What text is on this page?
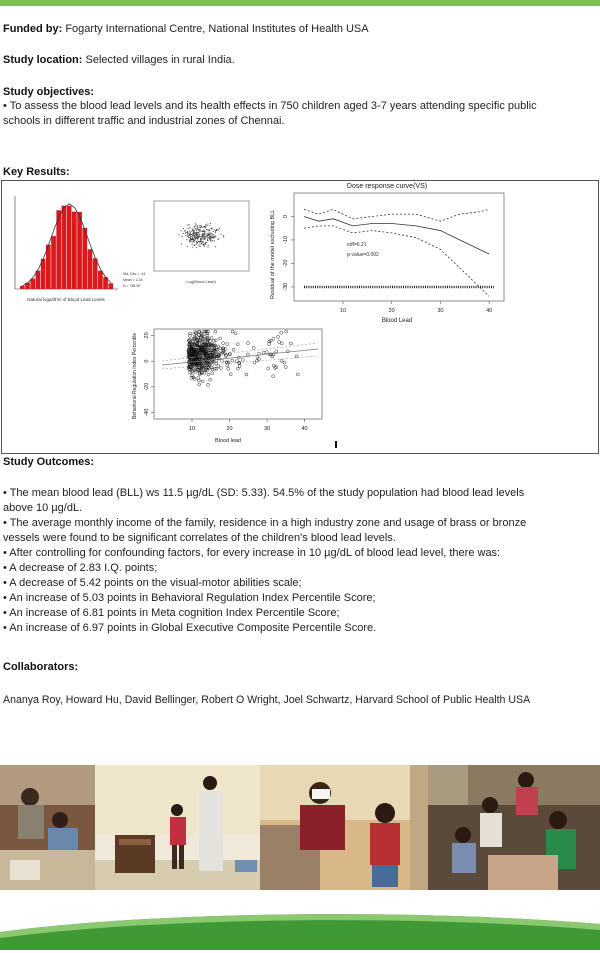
Funded by: Fogarty International Centre, National Institutes of Health USA

Study location: Selected villages in rural India.

Study objectives:

• To assess the blood lead levels and its health effects in 750 children aged 3-7 years attending specific public

schools in different traffic and industrial zones of Chennai.

Key Results:

Natural logarithm of Blood Lead Levels
Std. Dev = .44
Mean = 2.34
N = 756.00
Log(Blood Lead)
Dose response curve(VS)
Residual of the model excluding BLL
10	20	30	40
0
-10
-20
-30
edf=6.21
p-value=0.002
Blood Lead
Behavioral Regulation Index Percentile
10	20	30	40
20
0
-20
-40
Blood lead

Study Outcomes:

• The mean blood lead (BLL) ws 11.5 µg/dL (SD: 5.33). 54.5% of the study population had blood lead levels

above 10 µg/dL.

• The average monthly income of the family, residence in a high industry zone and usage of brass or bronze

vessels were found to be significant correlates of the children's blood lead levels.

• After controlling for confounding factors, for every increase in 10 µg/dL of blood lead level, there was:

• A decrease of 2.83 I.Q. points;

• A decrease of 5.42 points on the visual-motor abilities scale;

• An increase of 5.03 points in Behavioral Regulation Index Percentile Score;

• An increase of 6.81 points in Meta cognition Index Percentile Score;

• An increase of 6.97 points in Global Executive Composite Percentile Score.

Collaborators:

Ananya Roy, Howard Hu, David Bellinger, Robert O Wright, Joel Schwartz, Harvard School of Public Health USA
